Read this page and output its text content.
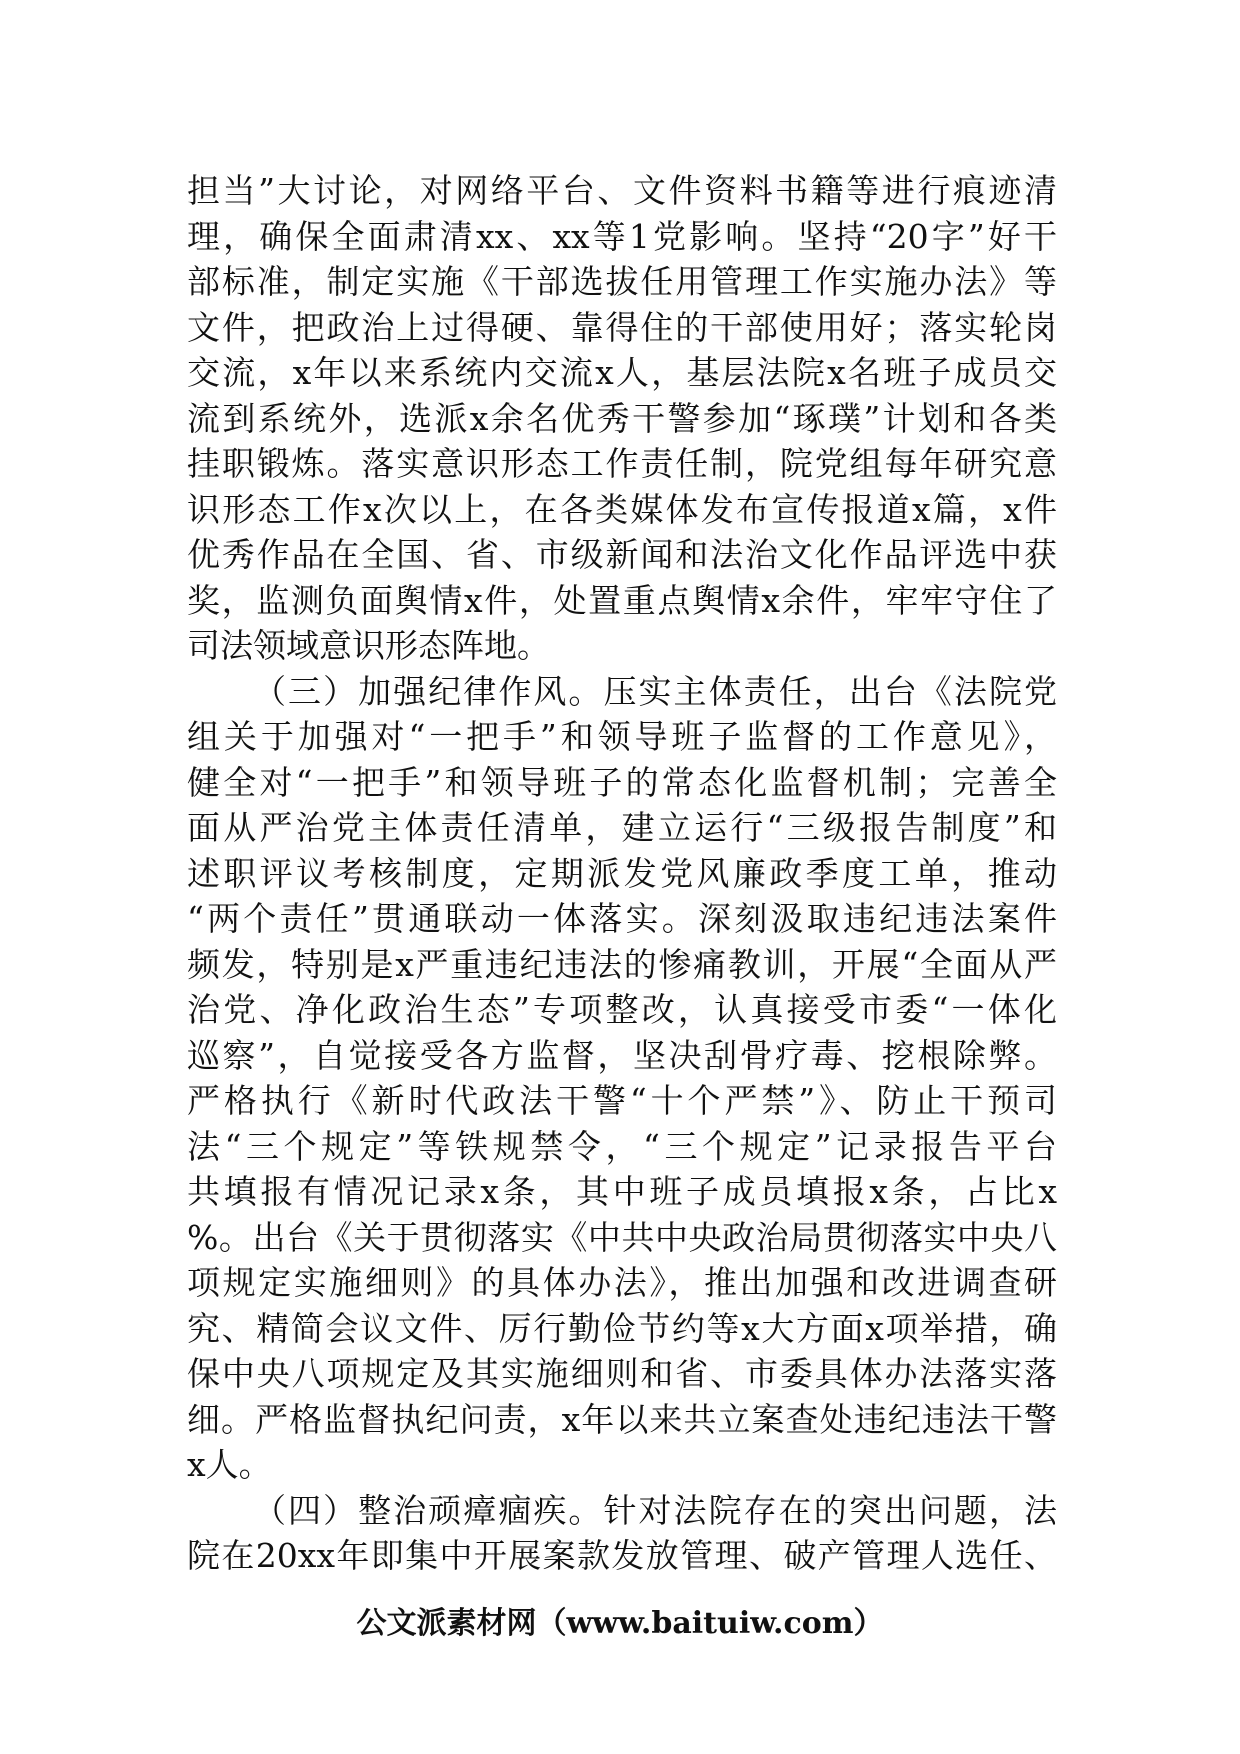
担当”大讨论，对网络平台、文件资料书籍等进行痕迹清
理，确保全面肃清xx、xx等1党影响。坚持“20字”好干
部标准，制定实施《干部选拔任用管理工作实施办法》等
文件，把政治上过得硬、靠得住的干部使用好；落实轮岗
交流，x年以来系统内交流x人，基层法院x名班子成员交
流到系统外，选派x余名优秀干警参加“琢璞”计划和各类
挂职锻炼。落实意识形态工作责任制，院党组每年研究意
识形态工作x次以上，在各类媒体发布宣传报道x篇，x件
优秀作品在全国、省、市级新闻和法治文化作品评选中获
奖，监测负面舆情x件，处置重点舆情x余件，牢牢守住了
司法领域意识形态阵地。
（三）加强纪律作风。压实主体责任，出台《法院党
组关于加强对“一把手”和领导班子监督的工作意见》，
健全对“一把手”和领导班子的常态化监督机制；完善全
面从严治党主体责任清单，建立运行“三级报告制度”和
述职评议考核制度，定期派发党风廉政季度工单，推动
“两个责任”贯通联动一体落实。深刻汲取违纪违法案件
频发，特别是x严重违纪违法的惨痛教训，开展“全面从严
治党、净化政治生态”专项整改，认真接受市委“一体化
巡察”，自觉接受各方监督，坚决刮骨疗毒、挖根除弊。
严格执行《新时代政法干警“十个严禁”》、防止干预司
法“三个规定”等铁规禁令，“三个规定”记录报告平台
共填报有情况记录x条，其中班子成员填报x条，占比x
%。出台《关于贯彻落实《中共中央政治局贯彻落实中央八
项规定实施细则》的具体办法》，推出加强和改进调查研
究、精简会议文件、厉行勤俭节约等x大方面x项举措，确
保中央八项规定及其实施细则和省、市委具体办法落实落
细。严格监督执纪问责，x年以来共立案查处违纪违法干警
x人。
（四）整治顽瘴痼疾。针对法院存在的突出问题，法
院在20xx年即集中开展案款发放管理、破产管理人选任、
公文派素材网（www.baituiw.com）
